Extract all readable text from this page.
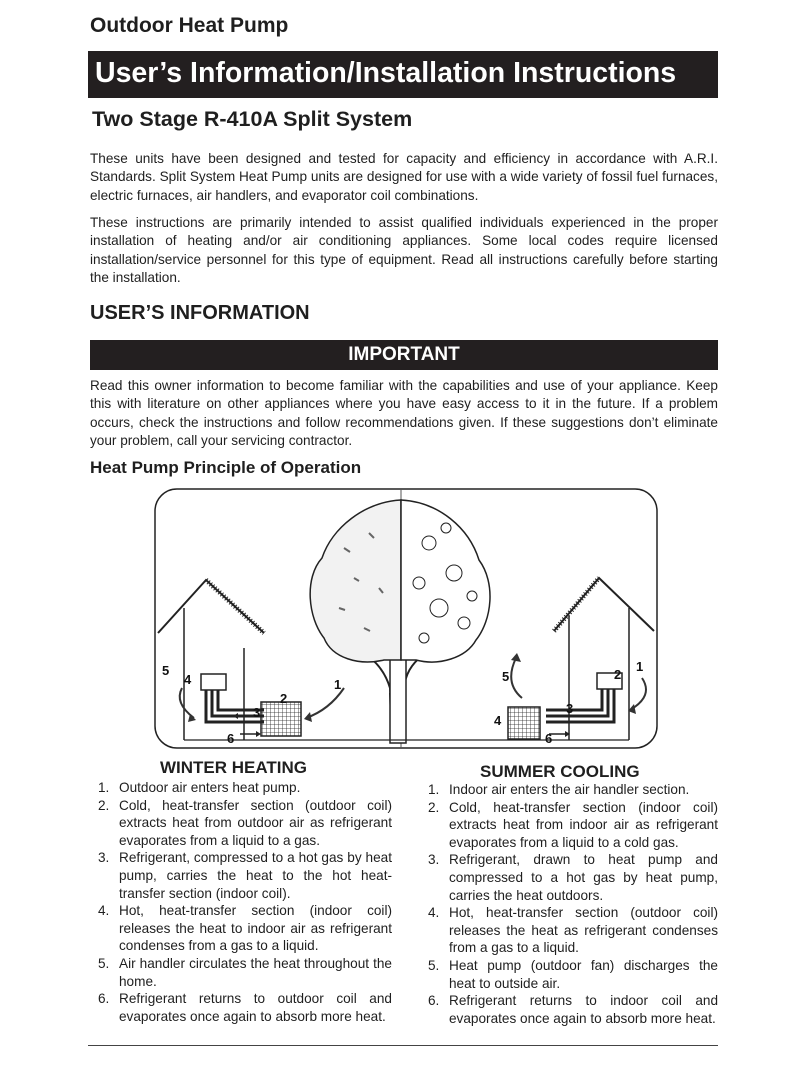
Outdoor Heat Pump
User’s Information/Installation Instructions
Two Stage R-410A Split System

These units have been designed and tested for capacity and efficiency in accordance with A.R.I. Standards. Split System Heat Pump units are designed for use with a wide variety of fossil fuel furnaces, electric furnaces, air handlers, and evaporator coil combinations.

These instructions are primarily intended to assist qualified individuals experienced in the proper installation of heating and/or air conditioning appliances. Some local codes require licensed installation/service personnel for this type of equipment. Read all instructions carefully before starting the installation.

USER’S INFORMATION
IMPORTANT

Read this owner information to become familiar with the capabilities and use of your appliance. Keep this with literature on other appliances where you have easy access to it in the future. If a problem occurs, check the instructions and follow recommendations given. If these suggestions don’t eliminate your problem, call your servicing contractor.

Heat Pump Principle of Operation
1
2
3
4
5
6
1
2
3
4
5
6
WINTER HEATING
1. Outdoor air enters heat pump.
2. Cold, heat-transfer section (outdoor coil) extracts heat from outdoor air as refrigerant evaporates from a liquid to a gas.
3. Refrigerant, compressed to a hot gas by heat pump, carries the heat to the hot heat-transfer section (indoor coil).
4. Hot, heat-transfer section (indoor coil) releases the heat to indoor air as refrigerant condenses from a gas to a liquid.
5. Air handler circulates the heat throughout the home.
6. Refrigerant returns to outdoor coil and evaporates once again to absorb more heat.
SUMMER COOLING
1. Indoor air enters the air handler section.
2. Cold, heat-transfer section (indoor coil) extracts heat from indoor air as refrigerant evaporates from a liquid to a cold gas.
3. Refrigerant, drawn to heat pump and compressed to a hot gas by heat pump, carries the heat outdoors.
4. Hot, heat-transfer section (outdoor coil) releases the heat as refrigerant condenses from a gas to a liquid.
5. Heat pump (outdoor fan) discharges the heat to outside air.
6. Refrigerant returns to indoor coil and evaporates once again to absorb more heat.
